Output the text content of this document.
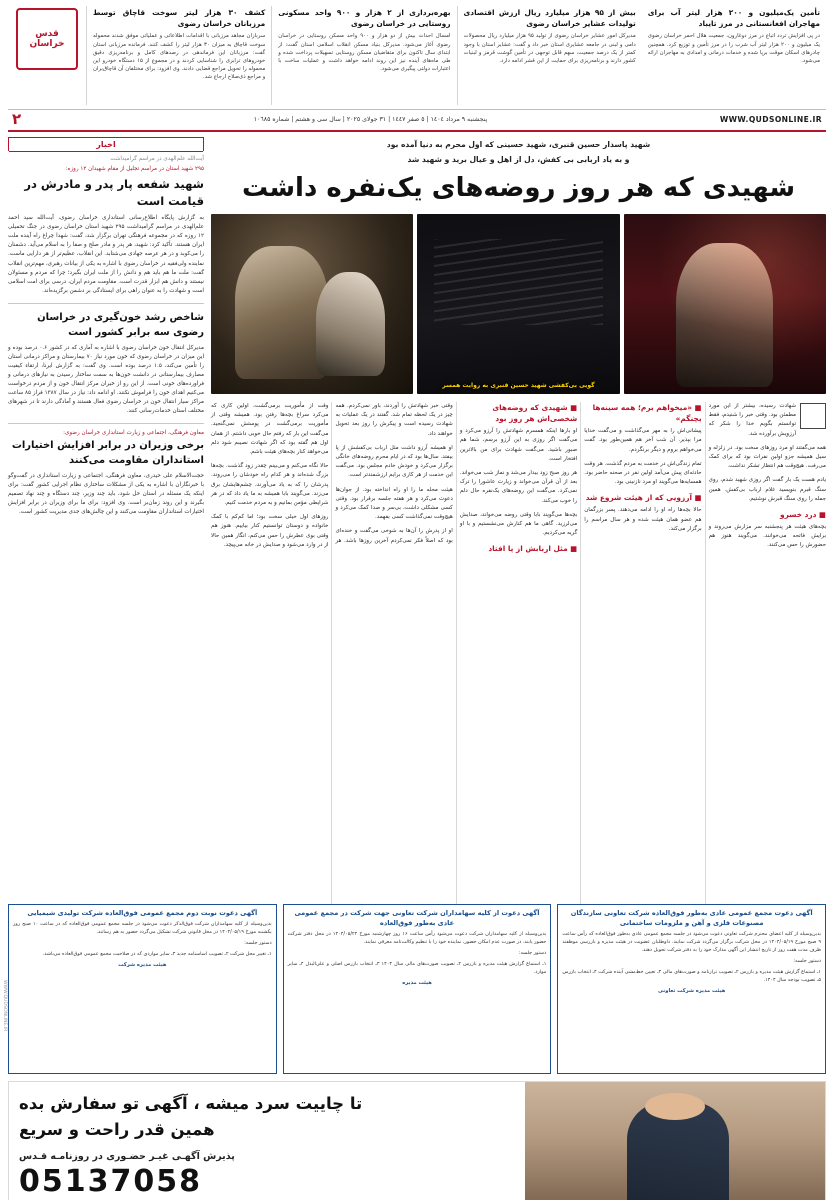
قدس خراسان
کشف ۳۰ هزار لیتر سوخت قاچاق توسط مرزبانان خراسان رضوی

سربازان مجاهد مرزبانی با اقدامات اطلاعاتی و عملیاتی موفق شدند محموله سوخت قاچاق به میزان ۳۰ هزار لیتر را کشف کنند. فرمانده مرزبانی استان گفت: مرزبانان این فرماندهی در رصدهای کامل و برنامه‌ریزی دقیق خودروهای ترابری را شناسایی کردند و در مجموع از ۱۵ دستگاه خودرو این محموله را تحویل مراجع قضایی دادند. وی افزود: برای مختلفان آن قاچاق‌بران و مراجع ذی‌صلاح ارجاع شد.

بهره‌برداری از ۲ هزار و ۹۰۰ واحد مسکونی روستایی در خراسان رضوی

امسال احداث بیش از دو هزار و ۹۰۰ واحد مسکن روستایی در خراسان رضوی آغاز می‌شود. مدیرکل بنیاد مسکن انقلاب اسلامی استان گفت: از ابتدای سال تاکنون برای متقاضیان مسکن روستایی تسهیلات پرداخت شده و طی ماه‌های آینده نیز این روند ادامه خواهد داشت و عملیات ساخت با اعتبارات دولتی پیگیری می‌شود.

بیش از ۹۵ هزار میلیارد ریال ارزش اقتصادی تولیدات عشایر خراسان رضوی

مدیرکل امور عشایر خراسان رضوی از تولید ۹۵ هزار میلیارد ریال محصولات دامی و لبنی در جامعه عشایری استان خبر داد و گفت: عشایر استان با وجود کمتر از یک درصد جمعیت، سهم قابل توجهی در تأمین گوشت قرمز و لبنیات کشور دارند و برنامه‌ریزی برای حمایت از این قشر ادامه دارد.

تأمین یک‌میلیون و ۲۰۰ هزار لیتر آب برای مهاجران افغانستانی در مرز تایباد

در پی افزایش تردد اتباع در مرز دوغارون، جمعیت هلال احمر خراسان رضوی یک میلیون و ۲۰۰ هزار لیتر آب شرب را در مرز تأمین و توزیع کرد. همچنین چادرهای اسکان موقت برپا شده و خدمات درمانی و امدادی به مهاجران ارائه می‌شود.

٢	پنجشنبه ٩ مرداد ١٤٠٤ | ٥ صفر ١٤٤٧ | ٣١ جولای ٢٠٢٥ | سال سی و هشتم | شماره ١٠٦٨٥	WWW.QUDSONLINE.IR
اخبار

آیت‌الله علم‌الهدی در مراسم گرامیداشت

۲۹۵ شهید استان در مراسم تجلیل از مقام شهیدان ۱۲ روزه:

شهید شفعه پار پدر و مادرش در قیامت است

به گزارش پایگاه اطلاع‌رسانی استانداری خراسان رضوی، آیت‌الله سید احمد علم‌الهدی در مراسم گرامیداشت ۲۹۵ شهید استان خراسان رضوی در جنگ تحمیلی ۱۲ روزه که در مجموعه فرهنگی تهران برگزار شد، گفت: شهدا چراغ راه آینده ملت ایران هستند. تأکید کرد: شهید، هر پدر و مادر صلح و صفا را به اسلام می‌آید. دشمنان را می‌کوبد و در هر عرصه جهادی می‌شتابد. این انقلاب، عظیم‌تر از هر دارایی ماست. نماینده ولی‌فقیه در خراسان رضوی با اشاره به یکی از بیانات رهبری، مهم‌ترین انقلاب گفت: ملت ما هم باید هم و دانش را از ملت ایران بگیرد؛ چرا که مردم و مسئولان نیستند و دانش هم ابزار قدرت است. مقاومت مردم ایران، درسی برای امت اسلامی است و شهادت را به عنوان راهی برای ایستادگی بر دشمن برگزیده‌اند.

شاخص رشد خون‌گیری در خراسان رضوی سه برابر کشور است

مدیرکل انتقال خون خراسان رضوی با اشاره به آماری که در کشور ۰.۶ درصد بوده و این میزان در خراسان رضوی که خون مورد نیاز ۷۰ بیمارستان و مراکز درمانی استان را تأمین می‌کند، ۱.۵ درصد بوده است. وی گفت: به گزارش ایرنا، ارتقاء کیفیت مصارف بیمارستانی در دانشت خون‌ها به سمت ساختار رسیدن به نیازهای درمانی و فراورده‌های خونی است. از این رو از خیران مرکز انتقال خون و از مردم درخواست می‌کنیم اهدای خون را فراموش نکنند. او ادامه داد: نیاز در سال ۱۳۸۷ فراز ۸۵ ساعت مراکز سیار انتقال خون در خراسان رضوی فعال هستند و آمادگی دارند تا در شهرهای مختلف استان خدمات‌رسانی کنند.

معاون فرهنگی، اجتماعی و زیارت استانداری خراسان رضوی:

برخی وزیران در برابر افزایش اختیارات استانداران مقاومت می‌کنند

حجت‌الاسلام علی حیدری، معاون فرهنگی، اجتماعی و زیارت استانداری در گفت‌وگو با خبرنگاران با اشاره به یکی از مشکلات ساختاری نظام اجرایی کشور گفت: برای اینکه یک مسئله در استان حل شود، باید چند وزیر، چند دستگاه و چند نهاد تصمیم بگیرند و این روند زمان‌بر است. وی افزود: برای ما برای وزیران در برابر افزایش اختیارات استانداران مقاومت می‌کنند و این چالش‌های جدی مدیریت کشور است.

شهید پاسدار حسین قنبری، شهید حسینی که اول محرم به دنیا آمده بود
و به یاد اربابی بی کفش، دل از اهل و عیال برید و شهید شد
شهیدی که هر روز روضه‌های یک‌نفره داشت
گویی بی‌کفشی شهید حسین قنبری به روایت همسر

شهادت رسیده، بیشتر از این مورد مطمئن بود. وقتی خبر را شنیدم، فقط توانستم بگویم خدا را شکر که آرزویش برآورده شد.

همه می‌گفتند او مرد روزهای سخت بود. در زلزله و سیل همیشه جزو اولین نفرات بود که برای کمک می‌رفت. هیچ‌وقت هم انتظار تشکر نداشت.

یادم هست یک بار گفت اگر روزی شهید شدم، روی سنگ قبرم بنویسید غلام ارباب بی‌کفش. همین جمله را روی سنگ قبرش نوشتیم.

■ درد خسرو

بچه‌های هیئت هر پنجشنبه سر مزارش می‌روند و برایش فاتحه می‌خوانند. می‌گویند هنوز هم حضورش را حس می‌کنند.

■ «میخواهم برم؛ همه سینه‌ها بچنگم»

پیشانی‌اش را به مهر می‌گذاشت و می‌گفت خدایا مرا بپذیر. آن شب آخر هم همین‌طور بود. گفت می‌خواهم بروم و دیگر برنگردم.

تمام زندگی‌اش در خدمت به مردم گذشت. هر وقت حادثه‌ای پیش می‌آمد اولین نفر در صحنه حاضر بود. همسایه‌ها می‌گویند او مرد نازنینی بود.

■ آرزویی که از هیئت شروع شد

حالا بچه‌ها راه او را ادامه می‌دهند. پسر بزرگمان هم عضو همان هیئت شده و هر سال مراسم را برگزار می‌کند.

■ شهیدی که روضه‌های شخصی‌اش هر روز بود

او بارها اینکه همسرم شهادتش را آرزو می‌کرد و می‌گفت اگر روزی به این آرزو برسم، شما هم صبور باشید. می‌گفت شهادت برای من بالاترین افتخار است.

هر روز صبح زود بیدار می‌شد و نماز شب می‌خواند. بعد از آن قرآن می‌خواند و زیارت عاشورا را ترک نمی‌کرد. می‌گفت این روضه‌های یک‌نفره حال دلم را خوب می‌کند.

بچه‌ها می‌گویند بابا وقتی روضه می‌خواند، صدایش می‌لرزید. گاهی ما هم کنارش می‌نشستیم و با او گریه می‌کردیم.

■ مثل اربابش از پا افتاد

وقتی خبر شهادتش را آوردند، باور نمی‌کردم. همه چیز در یک لحظه تمام شد. گفتند در یک عملیات به شهادت رسیده است و پیکرش را روز بعد تحویل خواهند داد.

او همیشه آرزو داشت مثل ارباب بی‌کفشش از پا بیفتد. سال‌ها بود که در ایام محرم روضه‌های خانگی برگزار می‌کرد و خودش خادم مجلس بود. می‌گفت این خدمت از هر کاری برایم ارزشمندتر است.

هیئت محله ما را او راه انداخته بود. از جوان‌ها دعوت می‌کرد و هر هفته جلسه برقرار بود. وقتی کسی مشکلی داشت، بی‌سر و صدا کمک می‌کرد و هیچ‌وقت نمی‌گذاشت کسی بفهمد.

او از پدرش را آن‌ها به شوخی می‌گفت و خنده‌ای بود که اصلاً فکر نمی‌کردم آخرین روزها باشد. هر وقت از مأموریت برمی‌گشت، اولین کاری که می‌کرد سراغ بچه‌ها رفتن بود. همیشه وقتی از مأموریت برمی‌گشت در پوستش نمی‌گنجید. می‌گفت این بار که رفتم حال خوبی داشتم. از همان اول هم گفته بود که اگر شهادت نصیبم شود دلم می‌خواهد کنار بچه‌های هیئت باشم.

حالا نگاه می‌کنم و می‌بینم چقدر زود گذشت. بچه‌ها بزرگ شده‌اند و هر کدام راه خودشان را می‌روند. پدرشان را که به یاد می‌آورند، چشم‌هایشان برق می‌زند. می‌گویند بابا همیشه به ما یاد داد که در هر شرایطی مؤمن بمانیم و به مردم خدمت کنیم.

روزهای اول خیلی سخت بود؛ اما کم‌کم با کمک خانواده و دوستان توانستیم کنار بیاییم. هنوز هم وقتی بوی عطرش را حس می‌کنم، انگار همین حالا از در وارد می‌شود و صدایش در خانه می‌پیچد.

آگهی دعوت نوبت دوم مجمع عمومی فوق‌العاده شرکت تولیدی شیمیایی

بدین‌وسیله از کلیه سهامداران شرکت فوق‌الذکر دعوت می‌شود در جلسه مجمع عمومی فوق‌العاده که در ساعت ۱۰ صبح روز یکشنبه مورخ ۱۴۰۴/۰۵/۱۹ در محل قانونی شرکت تشکیل می‌گردد حضور به هم رسانند.

دستور جلسه:

۱ـ تغییر محل شرکت ۲ـ تصویب اساسنامه جدید ۳ـ سایر مواردی که در صلاحیت مجمع عمومی فوق‌العاده می‌باشد.

هیئت مدیره شرکت
آگهی دعوت از کلیه سهامداران شرکت تعاونی جهت شرکت در مجمع عمومی عادی به‌طور فوق‌العاده

بدین‌وسیله از کلیه سهامداران شرکت دعوت می‌شود رأس ساعت ۱۶ روز چهارشنبه مورخ ۱۴۰۴/۰۵/۲۲ در محل دفتر شرکت حضور یابند. در صورت عدم امکان حضور، نماینده خود را با تنظیم وکالت‌نامه معرفی نمایند.

دستور جلسه:

۱ـ استماع گزارش هیئت مدیره و بازرس ۲ـ تصویب صورت‌های مالی سال ۱۴۰۳ ۳ـ انتخاب بازرس اصلی و علی‌البدل ۴ـ سایر موارد.

هیئت مدیره
آگهی دعوت مجمع عمومی عادی به‌طور فوق‌العاده شرکت تعاونی سازندگان مصنوعات فلزی و آهن و ملزومات ساختمانی

بدین‌وسیله از کلیه اعضای محترم شرکت تعاونی دعوت می‌شود در جلسه مجمع عمومی عادی به‌طور فوق‌العاده که رأس ساعت ۹ صبح مورخ ۱۴۰۴/۰۵/۱۹ در محل شرکت برگزار می‌گردد شرکت نمایند. داوطلبان عضویت در هیئت مدیره و بازرسی موظفند ظرف مدت هفت روز از تاریخ انتشار این آگهی مدارک خود را به دفتر شرکت تحویل دهند.

دستور جلسه:

۱ـ استماع گزارش هیئت مدیره و بازرس ۲ـ تصویب ترازنامه و صورت‌های مالی ۳ـ تعیین خط‌مشی آینده شرکت ۴ـ انتخاب بازرس ۵ـ تصویب بودجه سال ۱۴۰۴.

هیئت مدیره شرکت تعاونی
تا چاییت سرد میشه ، آگهی تو سفارش بده
همین قدر راحت و سریع
پذیرش آگهـی غیـر حضـوری در روزنامـه قـدس
05137058
WWW.QUDSONLINE.IR
